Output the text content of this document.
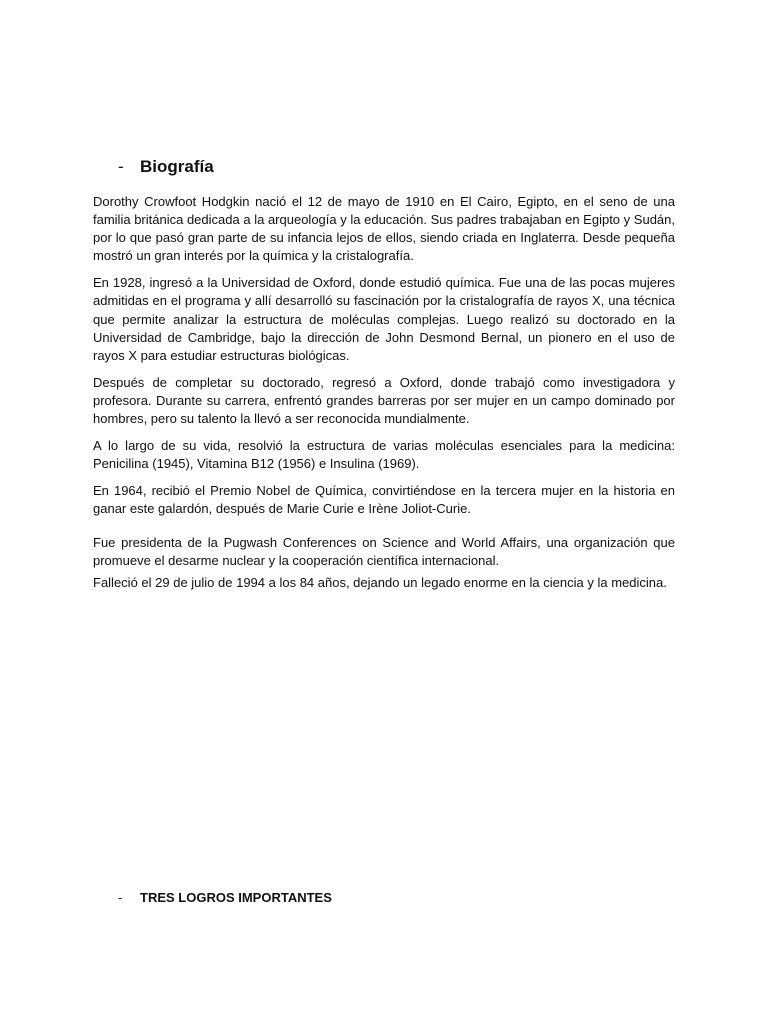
- Biografía

Dorothy Crowfoot Hodgkin nació el 12 de mayo de 1910 en El Cairo, Egipto, en el seno de una familia británica dedicada a la arqueología y la educación. Sus padres trabajaban en Egipto y Sudán, por lo que pasó gran parte de su infancia lejos de ellos, siendo criada en Inglaterra. Desde pequeña mostró un gran interés por la química y la cristalografía.

En 1928, ingresó a la Universidad de Oxford, donde estudió química. Fue una de las pocas mujeres admitidas en el programa y allí desarrolló su fascinación por la cristalografía de rayos X, una técnica que permite analizar la estructura de moléculas complejas. Luego realizó su doctorado en la Universidad de Cambridge, bajo la dirección de John Desmond Bernal, un pionero en el uso de rayos X para estudiar estructuras biológicas.

Después de completar su doctorado, regresó a Oxford, donde trabajó como investigadora y profesora. Durante su carrera, enfrentó grandes barreras por ser mujer en un campo dominado por hombres, pero su talento la llevó a ser reconocida mundialmente.

A lo largo de su vida, resolvió la estructura de varias moléculas esenciales para la medicina: Penicilina (1945), Vitamina B12 (1956) e Insulina (1969).

En 1964, recibió el Premio Nobel de Química, convirtiéndose en la tercera mujer en la historia en ganar este galardón, después de Marie Curie e Irène Joliot-Curie.

Fue presidenta de la Pugwash Conferences on Science and World Affairs, una organización que promueve el desarme nuclear y la cooperación científica internacional.

Falleció el 29 de julio de 1994 a los 84 años, dejando un legado enorme en la ciencia y la medicina.

-	TRES LOGROS IMPORTANTES
